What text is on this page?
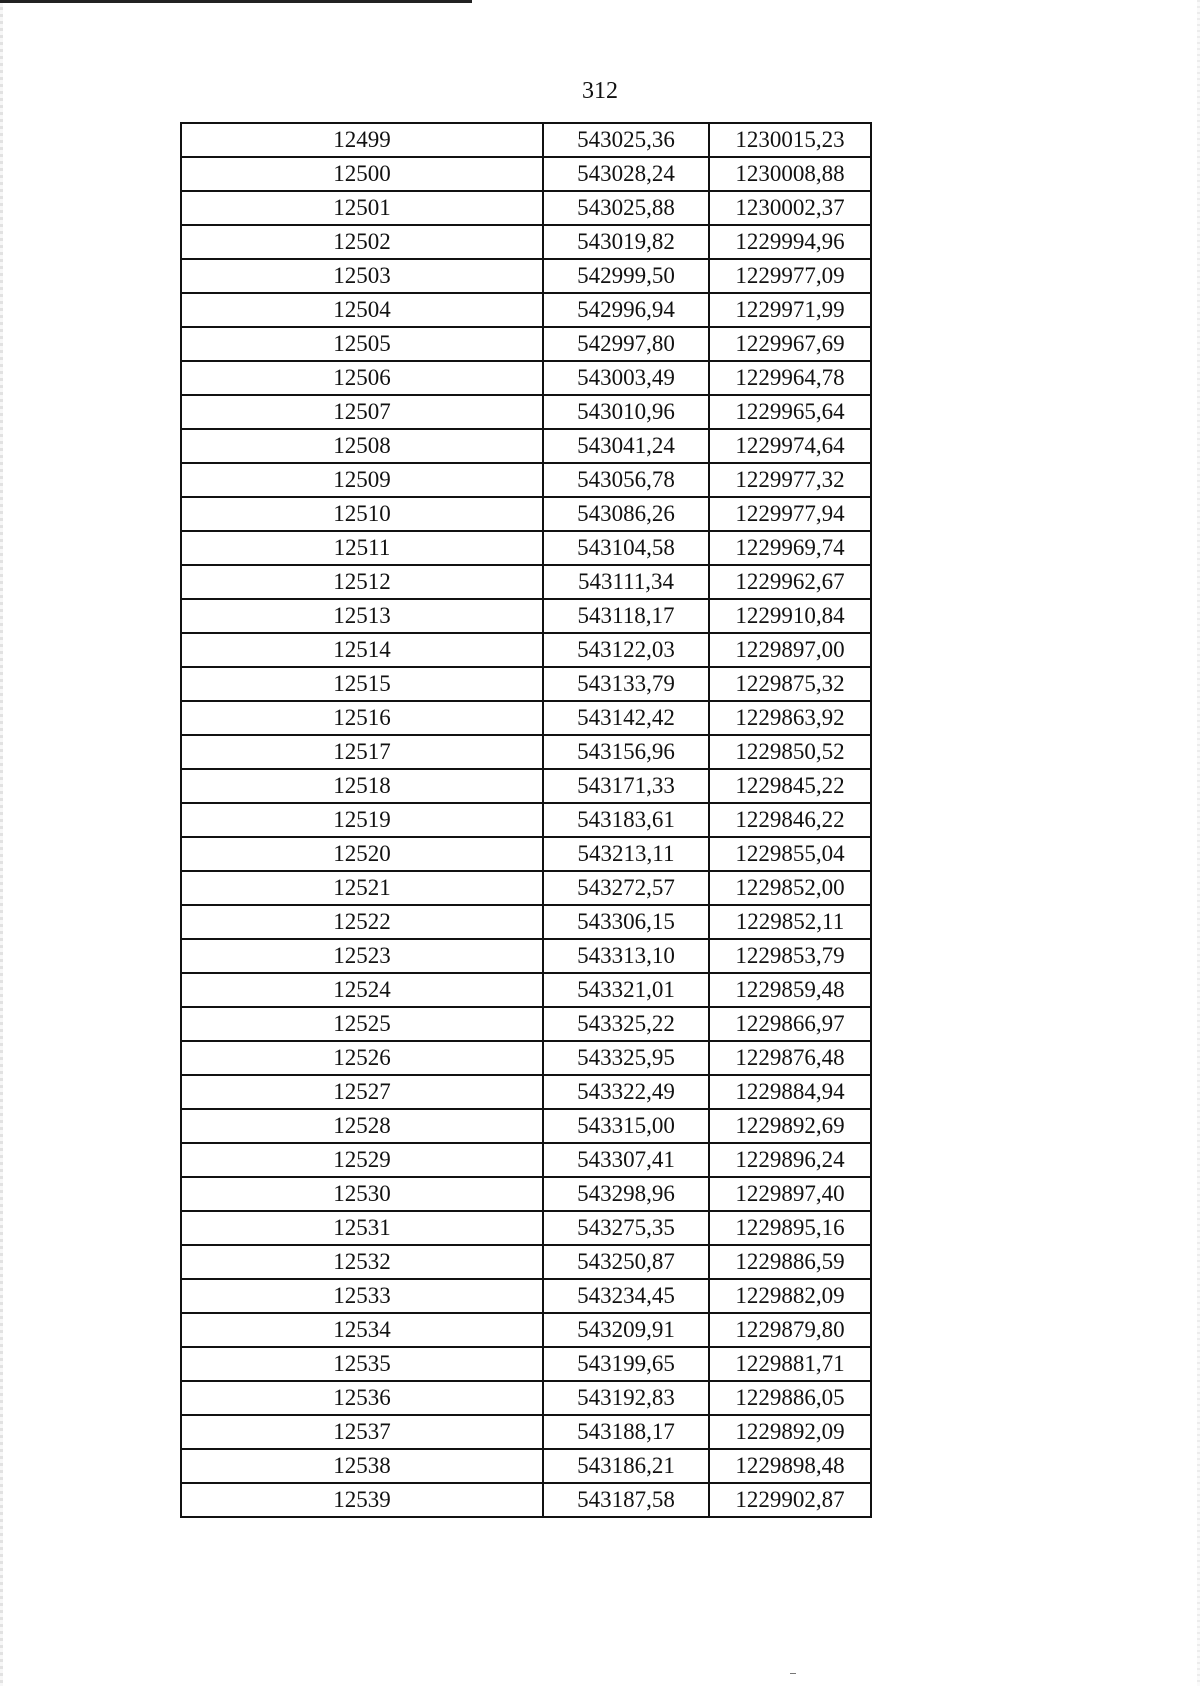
312
12499	543025,36	1230015,23
12500	543028,24	1230008,88
12501	543025,88	1230002,37
12502	543019,82	1229994,96
12503	542999,50	1229977,09
12504	542996,94	1229971,99
12505	542997,80	1229967,69
12506	543003,49	1229964,78
12507	543010,96	1229965,64
12508	543041,24	1229974,64
12509	543056,78	1229977,32
12510	543086,26	1229977,94
12511	543104,58	1229969,74
12512	543111,34	1229962,67
12513	543118,17	1229910,84
12514	543122,03	1229897,00
12515	543133,79	1229875,32
12516	543142,42	1229863,92
12517	543156,96	1229850,52
12518	543171,33	1229845,22
12519	543183,61	1229846,22
12520	543213,11	1229855,04
12521	543272,57	1229852,00
12522	543306,15	1229852,11
12523	543313,10	1229853,79
12524	543321,01	1229859,48
12525	543325,22	1229866,97
12526	543325,95	1229876,48
12527	543322,49	1229884,94
12528	543315,00	1229892,69
12529	543307,41	1229896,24
12530	543298,96	1229897,40
12531	543275,35	1229895,16
12532	543250,87	1229886,59
12533	543234,45	1229882,09
12534	543209,91	1229879,80
12535	543199,65	1229881,71
12536	543192,83	1229886,05
12537	543188,17	1229892,09
12538	543186,21	1229898,48
12539	543187,58	1229902,87
